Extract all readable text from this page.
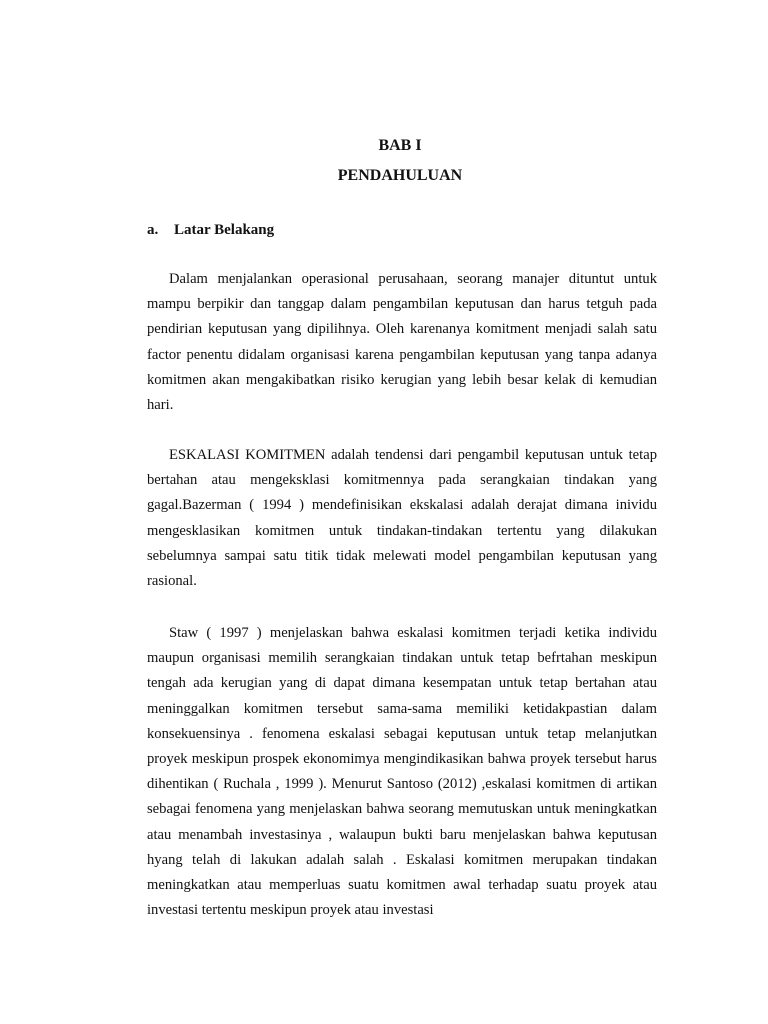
BAB I
PENDAHULUAN
a. Latar Belakang

Dalam menjalankan operasional perusahaan, seorang manajer dituntut untuk mampu berpikir dan tanggap dalam pengambilan keputusan dan harus tetguh pada pendirian keputusan yang dipilihnya. Oleh karenanya komitment menjadi salah satu factor penentu didalam organisasi karena pengambilan keputusan yang tanpa adanya komitmen akan mengakibatkan risiko kerugian yang lebih besar kelak di kemudian hari.

ESKALASI KOMITMEN adalah tendensi dari pengambil keputusan untuk tetap bertahan atau mengeksklasi komitmennya pada serangkaian tindakan yang gagal.Bazerman ( 1994 ) mendefinisikan ekskalasi adalah derajat dimana inividu mengesklasikan komitmen untuk tindakan-tindakan tertentu yang dilakukan sebelumnya sampai satu titik tidak melewati model pengambilan keputusan yang rasional.

Staw ( 1997 ) menjelaskan bahwa eskalasi komitmen terjadi ketika individu maupun organisasi memilih serangkaian tindakan untuk tetap befrtahan meskipun tengah ada kerugian yang di dapat dimana kesempatan untuk tetap bertahan atau meninggalkan komitmen tersebut sama-sama memiliki ketidakpastian dalam konsekuensinya . fenomena eskalasi sebagai keputusan untuk tetap melanjutkan proyek meskipun prospek ekonomimya mengindikasikan bahwa proyek tersebut harus dihentikan ( Ruchala , 1999 ). Menurut Santoso (2012) ,eskalasi komitmen di artikan sebagai fenomena yang menjelaskan bahwa seorang memutuskan untuk meningkatkan atau menambah investasinya , walaupun bukti baru menjelaskan bahwa keputusan hyang telah di lakukan adalah salah . Eskalasi komitmen merupakan tindakan meningkatkan atau memperluas suatu komitmen awal terhadap suatu proyek atau investasi tertentu meskipun proyek atau investasi
